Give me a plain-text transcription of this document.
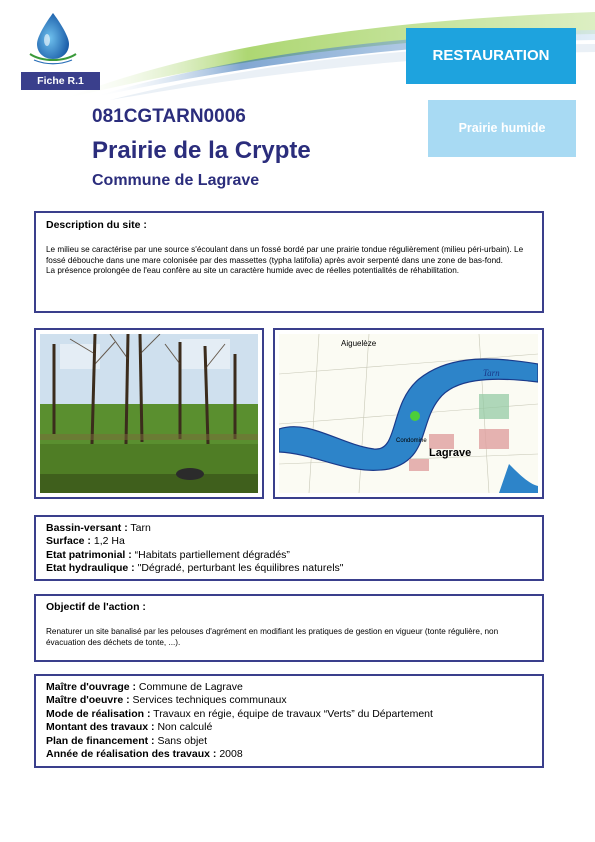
Fiche R.1
RESTAURATION
Prairie humide
081CGTARN0006
Prairie de la Crypte
Commune de Lagrave
Description du site :
Le milieu se caractérise par une source s'écoulant dans un fossé bordé par une prairie tondue régulièrement (milieu péri-urbain). Le fossé débouche dans une mare colonisée par des massettes (typha latifolia) après avoir serpenté dans une zone de bas-fond.
La présence prolongée de l'eau confère au site un caractère humide avec de réelles potentialités de réhabilitation.
Aiguelèze
Tarn
Lagrave
Condomine

Bassin-versant : Tarn

Surface : 1,2 Ha

Etat patrimonial : “Habitats partiellement dégradés”

Etat hydraulique : "Dégradé, perturbant les équilibres naturels"

Objectif de l'action :
Renaturer un site banalisé par les pelouses d'agrément en modifiant les pratiques de gestion en vigueur (tonte régulière, non évacuation des déchets de tonte, ...).

Maître d'ouvrage : Commune de Lagrave

Maître d'oeuvre : Services techniques communaux

Mode de réalisation : Travaux en régie, équipe de travaux “Verts” du Département

Montant des travaux : Non calculé

Plan de financement : Sans objet

Année de réalisation des travaux : 2008
